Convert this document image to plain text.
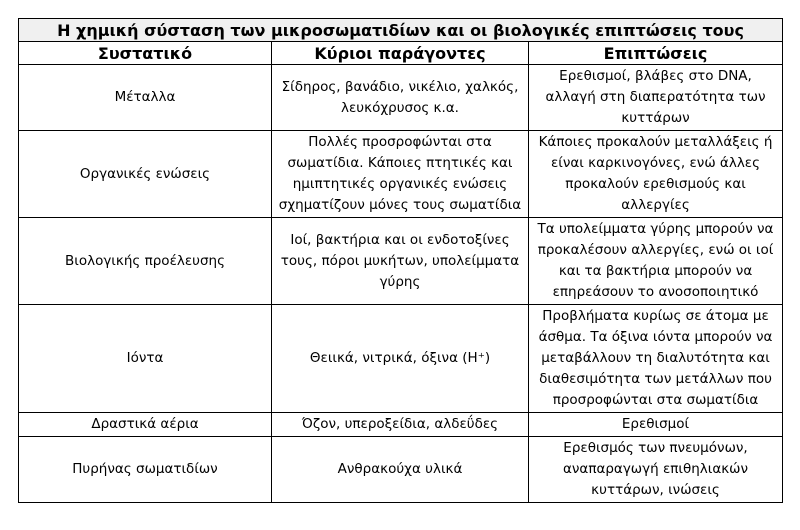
Η χημική σύσταση των μικροσωματιδίων και οι βιολογικές επιπτώσεις τους		
Συστατικό	Κύριοι παράγοντες	Επιπτώσεις
Μέταλλα	Σίδηρος, βανάδιο, νικέλιο, χαλκός, λευκόχρυσος κ.α.	Ερεθισμοί, βλάβες στο DNA, αλλαγή στη διαπερατότητα των κυττάρων
Οργανικές ενώσεις	Πολλές προσροφώνται στα σωματίδια. Κάποιες πτητικές και ημιπτητικές οργανικές ενώσεις σχηματίζουν μόνες τους σωματίδια	Κάποιες προκαλούν μεταλλάξεις ή είναι καρκινογόνες, ενώ άλλες προκαλούν ερεθισμούς και αλλεργίες
Βιολογικής προέλευσης	Ιοί, βακτήρια και οι ενδοτοξίνες τους, πόροι μυκήτων, υπολείμματα γύρης	Τα υπολείμματα γύρης μπορούν να προκαλέσουν αλλεργίες, ενώ οι ιοί και τα βακτήρια μπορούν να επηρεάσουν το ανοσοποιητικό
Ιόντα	Θειικά, νιτρικά, όξινα (H⁺)	Προβλήματα κυρίως σε άτομα με άσθμα. Τα όξινα ιόντα μπορούν να μεταβάλλουν τη διαλυτότητα και διαθεσιμότητα των μετάλλων που προσροφώνται στα σωματίδια
Δραστικά αέρια	Όζον, υπεροξείδια, αλδεΰδες	Ερεθισμοί
Πυρήνας σωματιδίων	Ανθρακούχα υλικά	Ερεθισμός των πνευμόνων, αναπαραγωγή επιθηλιακών κυττάρων, ινώσεις
